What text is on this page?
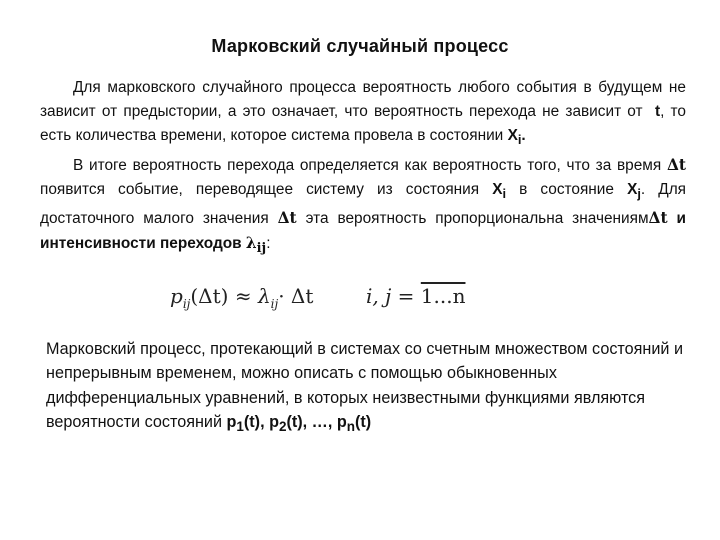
Марковский случайный процесс

Для марковского случайного процесса вероятность любого события в будущем не зависит от предыстории, а это означает, что вероятность перехода не зависит от t, то есть количества времени, которое система провела в состоянии $X_i$.

В итоге вероятность перехода определяется как вероятность того, что за время Δt появится событие, переводящее систему из состояния $X_i$ в состояние $X_j$. Для достаточного малого значения Δt эта вероятность пропорциональна значениямΔt и интенсивности переходов $\lambda_{ij}$:

$p_{ij}(\Delta t) \approx \lambda_{ij}\cdot \Delta t$	i, j = 1...n
Марковский процесс, протекающий в системах со счетным множеством состояний и непрерывным временем, можно описать с помощью обыкновенных дифференциальных уравнений, в которых неизвестными функциями являются вероятности состояний $p_1(t)$, $p_2(t)$, …, $p_n(t)$
